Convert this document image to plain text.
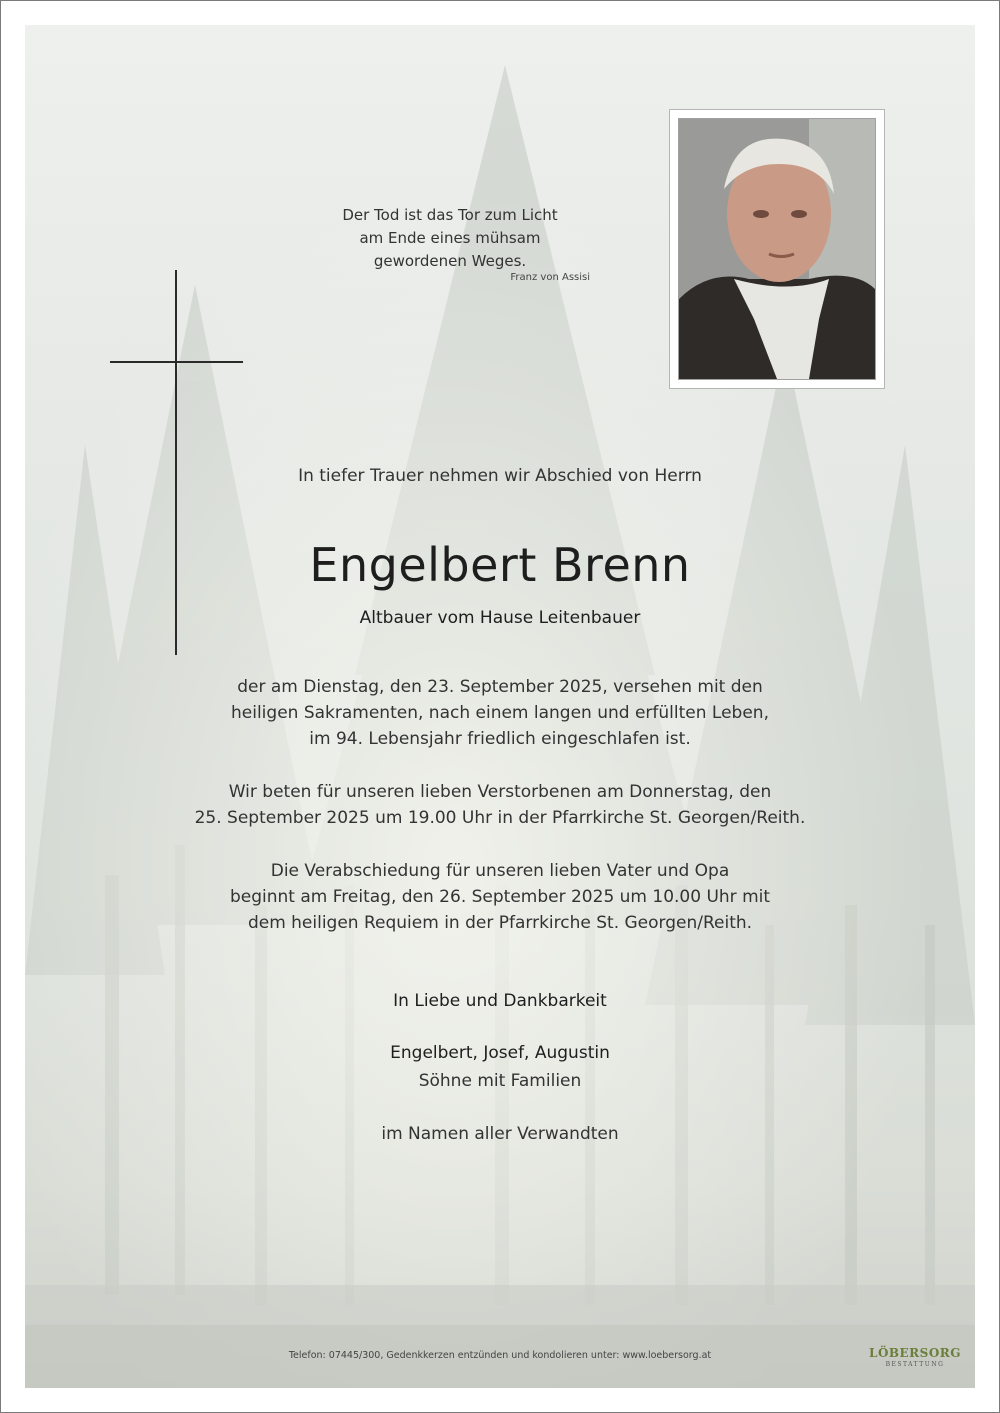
Der Tod ist das Tor zum Licht
am Ende eines mühsam
gewordenen Weges.
Franz von Assisi
In tiefer Trauer nehmen wir Abschied von Herrn
Engelbert Brenn
Altbauer vom Hause Leitenbauer
der am Dienstag, den 23. September 2025, versehen mit den
heiligen Sakramenten, nach einem langen und erfüllten Leben,
im 94. Lebensjahr friedlich eingeschlafen ist.
Wir beten für unseren lieben Verstorbenen am Donnerstag, den
25. September 2025 um 19.00 Uhr in der Pfarrkirche St. Georgen/Reith.
Die Verabschiedung für unseren lieben Vater und Opa
beginnt am Freitag, den 26. September 2025 um 10.00 Uhr mit
dem heiligen Requiem in der Pfarrkirche St. Georgen/Reith.
In Liebe und Dankbarkeit
Engelbert, Josef, Augustin
Söhne mit Familien
im Namen aller Verwandten
Telefon: 07445/300, Gedenkkerzen entzünden und kondolieren unter: www.loebersorg.at	LÖBERSORG
BESTATTUNG
